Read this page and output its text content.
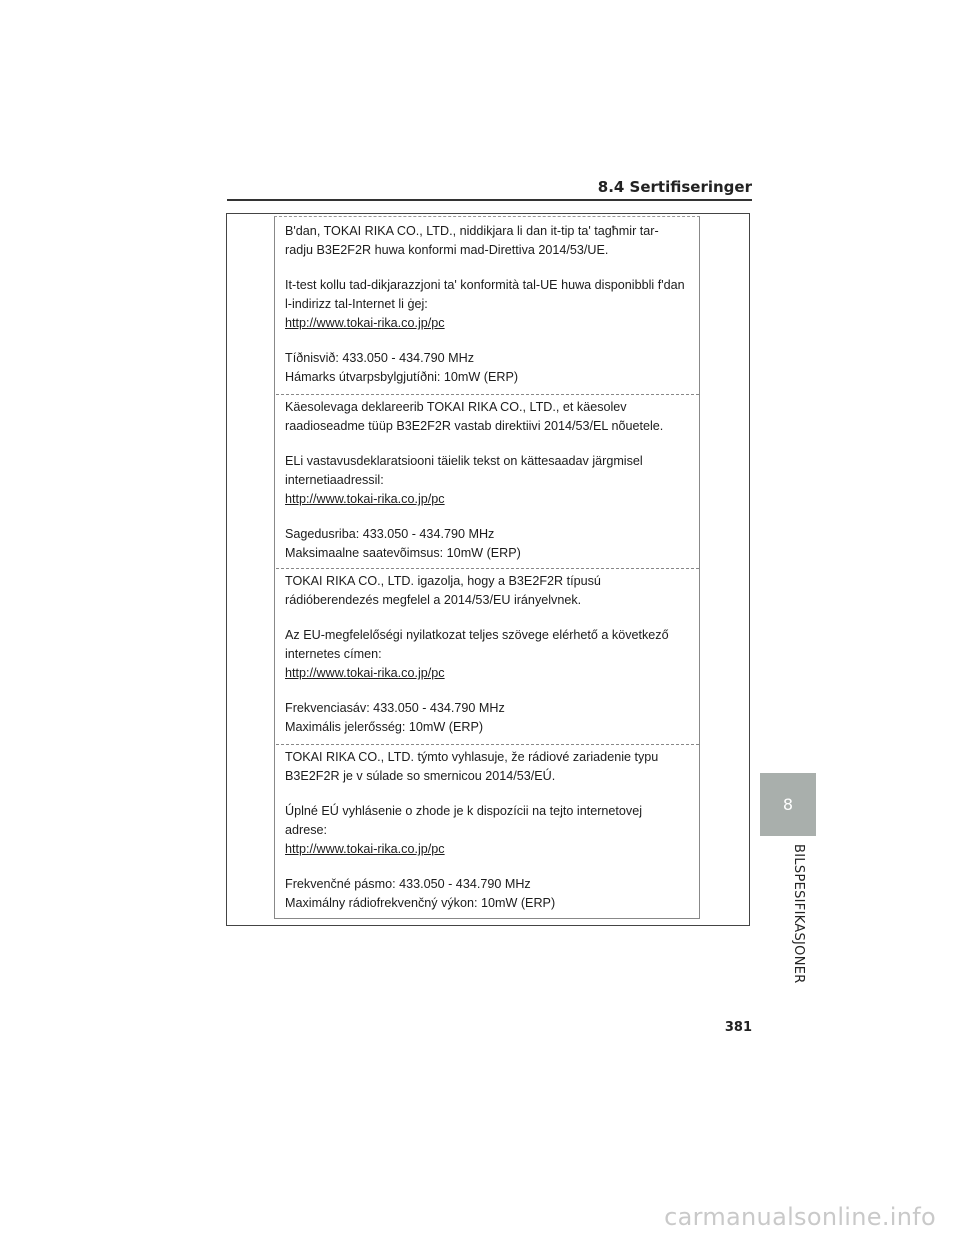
8.4 Sertifiseringer

B'dan, TOKAI RIKA CO., LTD., niddikjara li dan it-tip ta' tagħmir tar-radju B3E2F2R huwa konformi mad-Direttiva 2014/53/UE.

It-test kollu tad-dikjarazzjoni ta' konformità tal-UE huwa disponibbli f'dan l-indirizz tal-Internet li ġej:

http://www.tokai-rika.co.jp/pc

Tíðnisvið: 433.050 - 434.790 MHz

Hámarks útvarpsbylgjutíðni: 10mW (ERP)

Käesolevaga deklareerib TOKAI RIKA CO., LTD., et käesolev raadioseadme tüüp B3E2F2R vastab direktiivi 2014/53/EL nõuetele.

ELi vastavusdeklaratsiooni täielik tekst on kättesaadav järgmisel internetiaadressil:

http://www.tokai-rika.co.jp/pc

Sagedusriba: 433.050 - 434.790 MHz

Maksimaalne saatevõimsus: 10mW (ERP)

TOKAI RIKA CO., LTD. igazolja, hogy a B3E2F2R típusú rádióberendezés megfelel a 2014/53/EU irányelvnek.

Az EU-megfelelőségi nyilatkozat teljes szövege elérhető a következő internetes címen:

http://www.tokai-rika.co.jp/pc

Frekvenciasáv: 433.050 - 434.790 MHz

Maximális jelerősség: 10mW (ERP)

TOKAI RIKA CO., LTD. týmto vyhlasuje, že rádiové zariadenie typu B3E2F2R je v súlade so smernicou 2014/53/EÚ.

Úplné EÚ vyhlásenie o zhode je k dispozícii na tejto internetovej adrese:

http://www.tokai-rika.co.jp/pc

Frekvenčné pásmo: 433.050 - 434.790 MHz

Maximálny rádiofrekvenčný výkon: 10mW (ERP)

8
BILSPESIFIKASJONER
381
carmanualsonline.info
